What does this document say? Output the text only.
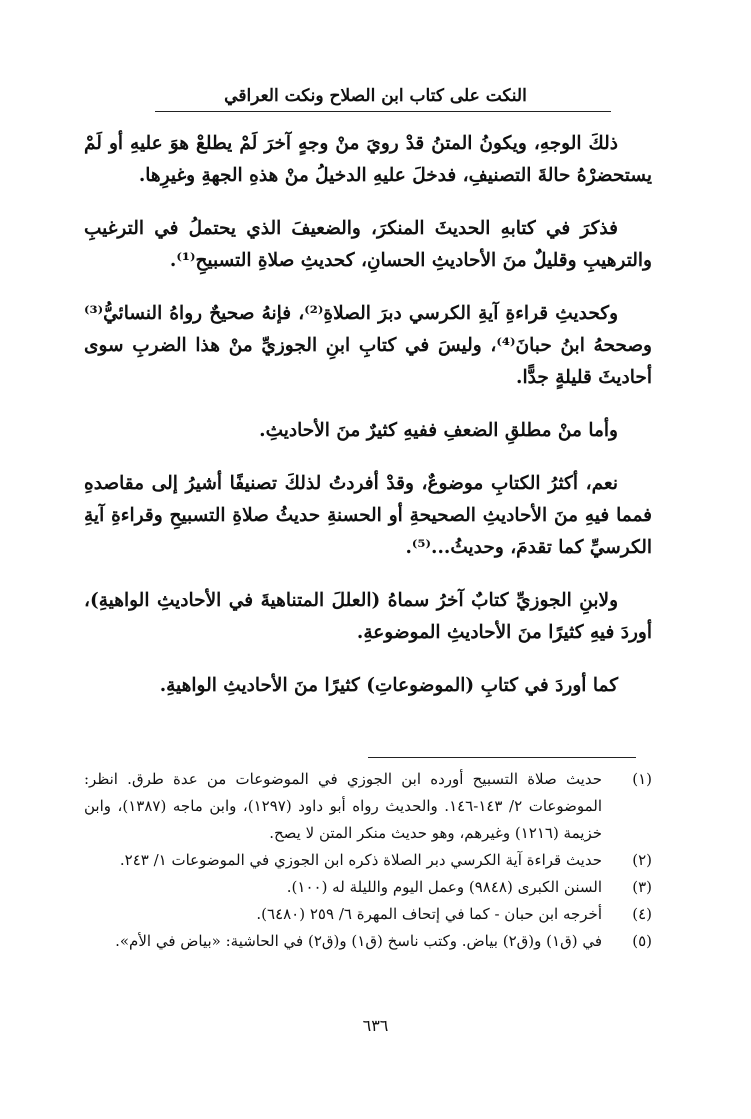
النكت على كتاب ابن الصلاح ونكت العراقي

ذلكَ الوجهِ، ويكونُ المتنُ قدْ رويَ منْ وجهٍ آخرَ لَمْ يطلعْ هوَ عليهِ أو لَمْ يستحضرْهُ حالةَ التصنيفِ، فدخلَ عليهِ الدخيلُ منْ هذهِ الجهةِ وغيرِها.

فذكرَ في كتابهِ الحديثَ المنكرَ، والضعيفَ الذي يحتملُ في الترغيبِ والترهيبِ وقليلٌ منَ الأحاديثِ الحسانِ، كحديثِ صلاةِ التسبيحِ⁽¹⁾.

وكحديثِ قراءةِ آيةِ الكرسي دبرَ الصلاةِ⁽²⁾، فإنهُ صحيحٌ رواهُ النسائيُّ⁽³⁾ وصححهُ ابنُ حبانَ⁽⁴⁾، وليسَ في كتابِ ابنِ الجوزيِّ منْ هذا الضربِ سوى أحاديثَ قليلةٍ جدًّا.

وأما منْ مطلقِ الضعفِ ففيهِ كثيرٌ منَ الأحاديثِ.

نعم، أكثرُ الكتابِ موضوعٌ، وقدْ أفردتُ لذلكَ تصنيفًا أشيرُ إلى مقاصدهِ فمما فيهِ منَ الأحاديثِ الصحيحةِ أو الحسنةِ حديثُ صلاةِ التسبيحِ وقراءةِ آيةِ الكرسيِّ كما تقدمَ، وحديثُ...⁽⁵⁾.

ولابنِ الجوزيِّ كتابٌ آخرُ سماهُ (العللَ المتناهيةَ في الأحاديثِ الواهيةِ)، أوردَ فيهِ كثيرًا منَ الأحاديثِ الموضوعةِ.

كما أوردَ في كتابِ (الموضوعاتِ) كثيرًا منَ الأحاديثِ الواهيةِ.

(١)
حديث صلاة التسبيح أورده ابن الجوزي في الموضوعات من عدة طرق. انظر: الموضوعات ٢/ ١٤٣-١٤٦. والحديث رواه أبو داود (١٢٩٧)، وابن ماجه (١٣٨٧)، وابن خزيمة (١٢١٦) وغيرهم، وهو حديث منكر المتن لا يصح.
(٢)
حديث قراءة آية الكرسي دبر الصلاة ذكره ابن الجوزي في الموضوعات ١/ ٢٤٣.
(٣)
السنن الكبرى (٩٨٤٨) وعمل اليوم والليلة له (١٠٠).
(٤)
أخرجه ابن حبان - كما في إتحاف المهرة ٦/ ٢٥٩ (٦٤٨٠).
(٥)
في (ق١) و(ق٢) بياض. وكتب ناسخ (ق١) و(ق٢) في الحاشية: «بياض في الأم».
٦٣٦
